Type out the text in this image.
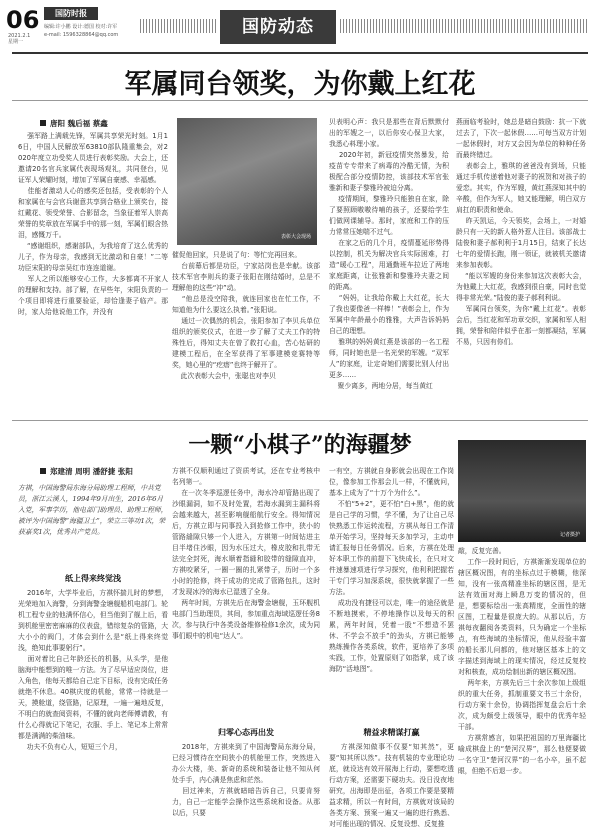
06
2021.2.1
星期一
国防时报
编辑:许小鹏 设计:德国 校对:许军
e-mail: 1596328864@qq.com	国防动态
军属同台领奖，为你戴上红花
唐阳 魏后福 蔡鑫
表彰大会现场
强军路上满载先锋，军属共享荣光时刻。1月16日，中国人民解放军63810部队隆重集会，对2020年度立功受奖人员进行表彰奖励。大会上，还邀请20名官兵家属代表现场观礼，共同登台，见证军人荣耀时刻，增加了军属自豪感、幸福感。
佳能者激动人心的感奖还包括，受表彰的个人和家属在与会官兵谢意共享到合格业上颁奖台，接红戴花、领受荣誉、合影留念，当象征着军人崇高荣誉的奖章放在军属手中的那一刻，军属们眼含热泪，感慨万千。
“感谢组织，感谢部队，为我培育了这么优秀的儿子，作为母亲，我感到无比激动和自豪！”二等功臣宋阳的母亲吴红市连连道谢。
军人之所以能够安心工作，大多都离不开家人的理解和支持。部了解，在早些年，宋阳负责的一个项目即将进行重要验证，却恰逢妻子临产。那时，家人给他说他工作，并没有
催促他回家，只是说了句：等忙完再回来。
台前幕后都是功臣，宁家站岗也是幸献。该部技术军官李则兵的妻子张阳在刚结婚时，总是不理解他的这些“冲”动。
“他总是没空陪我，就连回家也在忙工作，不知道他为什么要这么执着。”张阳说。
通过一次偶然的机会，张阳参加了李贝兵单位组织的颁奖仪式，在进一步了解了丈夫工作的特殊性后，得知丈夫在曾了救打心血，苦心钻研的建模工程后，在全军获得了军事建模竞赛特等奖，她心里的“疙瘩”也终于解开了。
此次表彰大会中，张聪也对李贝
贝表明心声：我只是那些在背后默默付出的军嫂之一，以后你安心保卫大家，我悉心料理小家。
2020年初，新冠疫情突然暴发，给疫苗专专带来了病毒的冷酷无情，为积极配合部分疫情防控，该部技术军官张雅新和妻子黎雅玲被迫分离。
疫情期间，黎雅玲只能独自在家，除了要照顾嗷嗷待哺的孩子，还要给学生们做网课辅导。那时，家庭和工作的压力常常压她喘不过气。
在家之后的几个月，疫情蔓延形势得以控制，机关为解决官兵实际困难，打造“暖心工程”，用通勤班车拉近了两地家庭距离，让张雅新和黎雅玲夫妻之间的距离。
“妈妈，让我给你戴上大红花，长大了我也要像爸一样棒！”表彰会上，作为军属中年龄最小的雅雅，大声告诉妈妈自己的理想。
雅琪的妈妈黄红燕是该部的一名工程师，同时她也是一名光荣的军嫂。“双军人”的家庭，让定奇她们需要比别人付出更多……
聚少离多，两地分居，每当黄红
燕面临考验时，她总是暗自鼓励：抗一下就过去了，下次一起休假……可每当双方计划一起休假时，对方又会因为单位的种种任务而最终错过。
表彰会上，雅琪的爸爸没有到场，只能通过手机传递着他对妻子的祝贺和对孩子的爱恋。其实，作为军嫂，黄红燕深知其中的辛酸，但作为军人，她又能理解，明白双方肩扛的职责和使命。
昨天凯运，今天领奖，会场上，一对婚龄只有一天的新人格外惹人注目。该部战士陆俊和妻子郝利利于1月15日，结束了长达七年的爱情长跑，刚一领证，就被机关邀请来参加表彰。
“能以军嫂的身份来参加这次表彰大会，为他戴上大红花，我感到很自豪，同时也觉得非常光荣。”陆俊的妻子郝利利说。
军属同台领奖，为你“戴上红花”。表彰会后，当红花和军功章交织，家属和军人相拥，荣誉和陪伴似乎在那一刻都凝结，军属不易，只因有你们。
一颗“小棋子”的海疆梦
郑建清 周明 潘舒捷 张阳
方祺，中国海警局东海分局助理工程师，中共党员，浙江云溪人，1994年9月出生，2016年6月入党，军事学历，他电部门助理员、助理工程师，被评为中国海警“海疆卫士”，荣立三等功1次，荣获嘉奖1次，优秀共产党员。
纸上得来终觉浅
2016年，大学毕业后，方祺怀揣儿时的梦想，光荣地加入海警，分到海警金塘舰船机电部门。轮机工程专业的他满怀信心，但当他到了舰上后，看到机舱里密密麻麻的仪表盘，错综复杂的管路，大大小小的阀门，才体会到什么是“纸上得来终觉浅，绝知此事要躬行”。
面对着比自己年龄还长的机器，从头学，是他脑海中能想到的唯一方法。为了尽早适应岗位，进入角色，他每天都给自己定下目标，没有完成任务就绝不休息。40棋庆度的机舱，常常一待就是一天，摸舱道，绕管路，记原理，一遍一遍地反复，不明白的就查阅资料，不懂的就向老师傅请教，有什么心得就记下笔记，衣服、手上、笔记本上常常都是满满的柴油味。
功夫不负有心人，短短三个月，
方祺不仅顺利通过了资质考试，还在专业考核中名列第一。
在一次冬季巡逻任务中，海水冷却管路出现了沙眼漏洞，如不及时处置，若海水漏到主漏科将会越来越大，甚至影响舰船航行安全。得知情况后，方祺立即与同事投入到抢修工作中，狭小的管路縫隙只够一个人进入，方祺第一时间钻进主目半堵住沙眼，因为水压过大，橡皮胶和扎带无法完全封死，海水顺着指縫和胶带的缝隙直冲，方祺咬紧牙，一圈一圈的扎紧带子，历时一个多小时的抢修，终于成功的完成了管路包扎，这时才发现冰冷的海水已湿透了全身。
两年时间，方祺先后在海警金塘舰，玉环舰机电部门当助理员，其间，参加重点海域巡逻任务8次，参与执行中各类设备维修检修1余次，成为同事们眼中的机电“达人”。
归零心态再出发
2018年，方祺来到了中国海警局东海分局，已经习惯待在空间狭小的机舱里工作，突然进入办公大楼，美、新奇的系统和装备让他不知从何处手手，内心满是焦虑和茫然。
回过神来，方祺就暗暗告诉自己，只要肯努力，自己一定能学会操作这些系统和设备。从那以后，只要
一有空，方祺就自身影就会出现在工作岗位，像参加工作那会儿一样，不懂就问，基本上成为了“十万个为什么”。
不怕“5+2”，更不怕“白+黑”，他的就是自己学的习惯，学不懂，为了让自己尽快熟悉工作运转流程，方祺从每日工作清单开始学习，坚持每天多加学习，主动申请汇报每日任务情况。后来，方祺在处理好本职工作的前提下飞快成长，在只对文件速暴速项进行学习探究，他利利把握若干专门学习加深系统，很快就掌握了一些方法。
成功没有捷径可以走，唯一的途径就是不断地摸索，不停地操作以及每天的积累，两年时间，凭着一股“不想造不罢休、不学会不放手”的劲头，方祺已能够熟练操作各类系统，软件，更培养了多项实践，工作，处置原则了如指掌，成了该海防“活地图”。
精益求精谋打赢
方祺深知做事不仅要“知其然”，更要“知其所以然”。技有机装的专业理论功底，就设达有效开展海上行动，要想吃透行动方案，还需要下硬功夫。没日没夜地研究，出海即是出征，各项工作要是要精益求精，所以一有时间，方祺就对该局的各类方案、预案一遍又一遍的进行熟悉、对可能出现的情况、反复设想、反复推
记者摄护
敲，反复完善。
工作一段时间后，方祺渐渐发现单位的辖区概况图，有的坐标点过于模糊，他深知，没有一张高精准坐标的辖区图，是无法有效面对海上瞬息万变的情况的，但是，想要标绘出一张高精度，全面性的辖区图，工程量是很庞大的。从那以后，方祺每夜翻阅各类资料，只为确定一个坐标点，有些海域的坐标情况，他从经验丰富的船长那儿问都的，他对辖区基本上的文字描述到海域上的现实情况，经过反复校对和核查，成功绘制出新的辖区概况图。
两年来，方祺先后三十余次参加上级组织的重大任务，抓制重要文书三十余份，行动方案十余份，协调指挥复盘会后十余次，成为颇受上级领导，眼中的优秀年轻干部。
方祺常感言，如果把祖国的万里海疆比喻成棋盘上的“楚河汉界”，那么他便要做一名守卫“楚河汉界”的一名小卒，虽不起眼，但绝不后退一步。
